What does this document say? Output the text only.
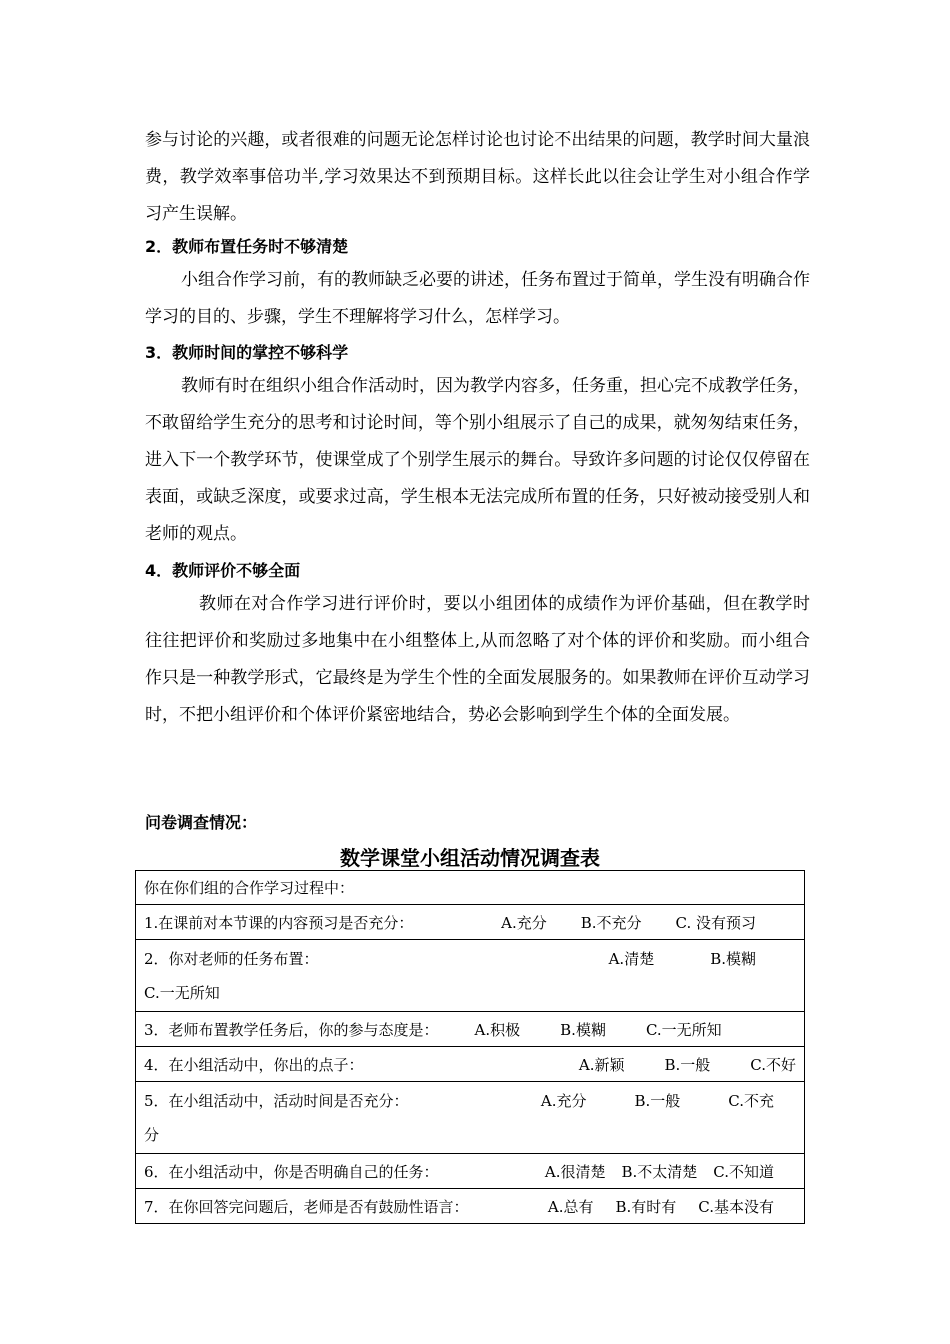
参与讨论的兴趣，或者很难的问题无论怎样讨论也讨论不出结果的问题，教学时间大量浪费，教学效率事倍功半,学习效果达不到预期目标。这样长此以往会让学生对小组合作学习产生误解。
2．教师布置任务时不够清楚
小组合作学习前，有的教师缺乏必要的讲述，任务布置过于简单，学生没有明确合作学习的目的、步骤，学生不理解将学习什么，怎样学习。
3．教师时间的掌控不够科学
教师有时在组织小组合作活动时，因为教学内容多，任务重，担心完不成教学任务，不敢留给学生充分的思考和讨论时间，等个别小组展示了自己的成果，就匆匆结束任务，进入下一个教学环节，使课堂成了个别学生展示的舞台。导致许多问题的讨论仅仅停留在表面，或缺乏深度，或要求过高，学生根本无法完成所布置的任务，只好被动接受别人和老师的观点。
4．教师评价不够全面
教师在对合作学习进行评价时，要以小组团体的成绩作为评价基础，但在教学时往往把评价和奖励过多地集中在小组整体上,从而忽略了对个体的评价和奖励。而小组合作只是一种教学形式，它最终是为学生个性的全面发展服务的。如果教师在评价互动学习时，不把小组评价和个体评价紧密地结合，势必会影响到学生个体的全面发展。
问卷调查情况：
数学课堂小组活动情况调查表
你在你们组的合作学习过程中：

1.在课前对本节课的内容预习是否充分：	A.充分 B.不充分 C. 没有预习

2．你对老师的任务布置：	A.清楚	B.模糊
C.一无所知

3．老师布置教学任务后，你的参与态度是： A.积极	B.模糊	C.一无所知

4．在小组活动中，你出的点子：	A.新颖	B.一般	C.不好

5．在小组活动中，活动时间是否充分：	A.充分	B.一般	C.不充
分

6．在小组活动中，你是否明确自己的任务：	A.很清楚 B.不太清楚 C.不知道

7．在你回答完问题后，老师是否有鼓励性语言：	A.总有 B.有时有 C.基本没有
